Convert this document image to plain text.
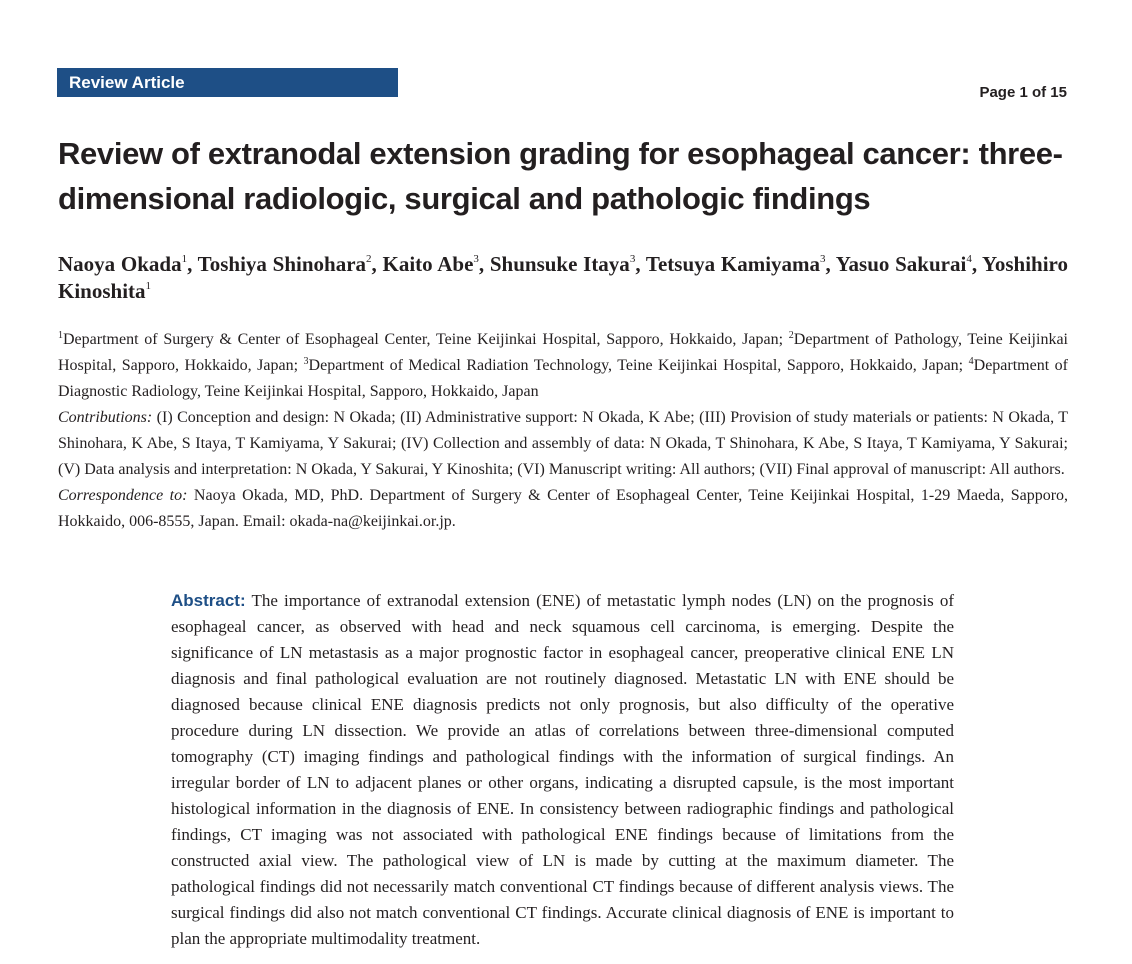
Review Article
Page 1 of 15
Review of extranodal extension grading for esophageal cancer: three-dimensional radiologic, surgical and pathologic findings
Naoya Okada$^1$, Toshiya Shinohara$^2$, Kaito Abe$^3$, Shunsuke Itaya$^3$, Tetsuya Kamiyama$^3$, Yasuo Sakurai$^4$, Yoshihiro Kinoshita$^1$

$^1$Department of Surgery & Center of Esophageal Center, Teine Keijinkai Hospital, Sapporo, Hokkaido, Japan; $^2$Department of Pathology, Teine Keijinkai Hospital, Sapporo, Hokkaido, Japan; $^3$Department of Medical Radiation Technology, Teine Keijinkai Hospital, Sapporo, Hokkaido, Japan; $^4$Department of Diagnostic Radiology, Teine Keijinkai Hospital, Sapporo, Hokkaido, Japan

Contributions: (I) Conception and design: N Okada; (II) Administrative support: N Okada, K Abe; (III) Provision of study materials or patients: N Okada, T Shinohara, K Abe, S Itaya, T Kamiyama, Y Sakurai; (IV) Collection and assembly of data: N Okada, T Shinohara, K Abe, S Itaya, T Kamiyama, Y Sakurai; (V) Data analysis and interpretation: N Okada, Y Sakurai, Y Kinoshita; (VI) Manuscript writing: All authors; (VII) Final approval of manuscript: All authors.

Correspondence to: Naoya Okada, MD, PhD. Department of Surgery & Center of Esophageal Center, Teine Keijinkai Hospital, 1-29 Maeda, Sapporo, Hokkaido, 006-8555, Japan. Email: okada-na@keijinkai.or.jp.

Abstract: The importance of extranodal extension (ENE) of metastatic lymph nodes (LN) on the prognosis of esophageal cancer, as observed with head and neck squamous cell carcinoma, is emerging. Despite the significance of LN metastasis as a major prognostic factor in esophageal cancer, preoperative clinical ENE LN diagnosis and final pathological evaluation are not routinely diagnosed. Metastatic LN with ENE should be diagnosed because clinical ENE diagnosis predicts not only prognosis, but also difficulty of the operative procedure during LN dissection. We provide an atlas of correlations between three-dimensional computed tomography (CT) imaging findings and pathological findings with the information of surgical findings. An irregular border of LN to adjacent planes or other organs, indicating a disrupted capsule, is the most important histological information in the diagnosis of ENE. In consistency between radiographic findings and pathological findings, CT imaging was not associated with pathological ENE findings because of limitations from the constructed axial view. The pathological view of LN is made by cutting at the maximum diameter. The pathological findings did not necessarily match conventional CT findings because of different analysis views. The surgical findings did also not match conventional CT findings. Accurate clinical diagnosis of ENE is important to plan the appropriate multimodality treatment.
